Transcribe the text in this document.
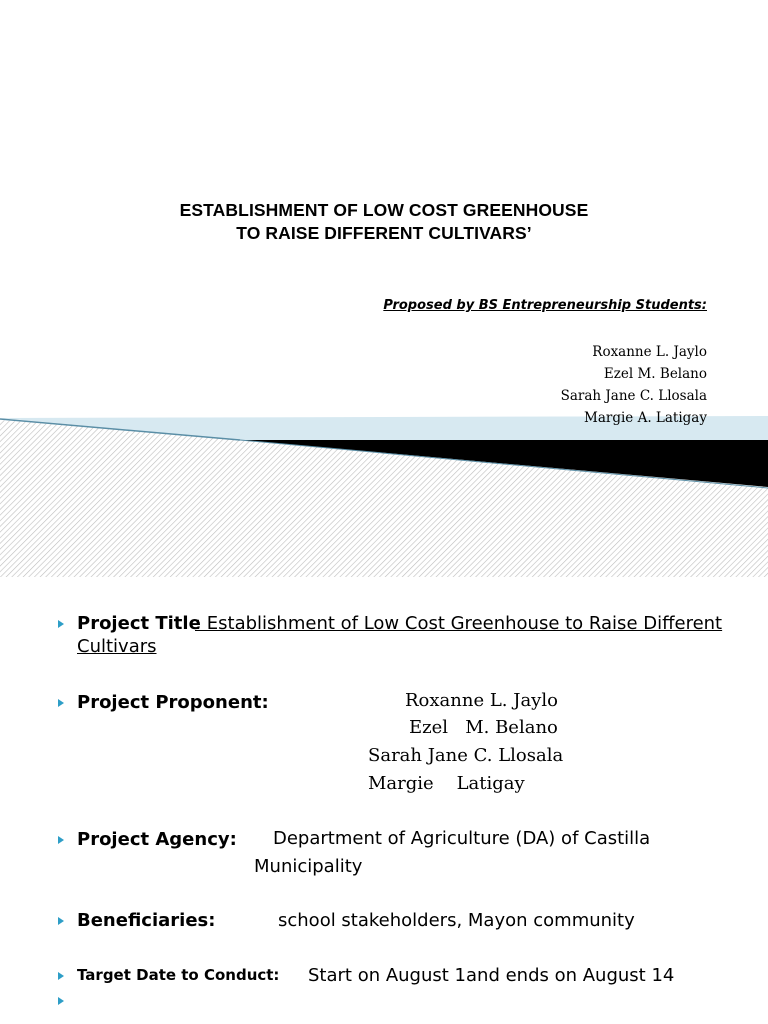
ESTABLISHMENT OF LOW COST GREENHOUSE
TO RAISE DIFFERENT CULTIVARS’
Proposed by BS Entrepreneurship Students:
Roxanne L. Jaylo
Ezel M. Belano
Sarah Jane C. Llosala
Margie A. Latigay
Project Title
: Establishment of Low Cost Greenhouse to Raise Different
Cultivars
Project Proponent:	Roxanne L. Jaylo
Ezel   M. Belano
Sarah Jane C. Llosala
Margie    Latigay
Project Agency: Department of Agriculture (DA) of Castilla
Municipality
Beneficiaries:	school stakeholders, Mayon community
Target Date to Conduct: Start on August 1and ends on August 14
